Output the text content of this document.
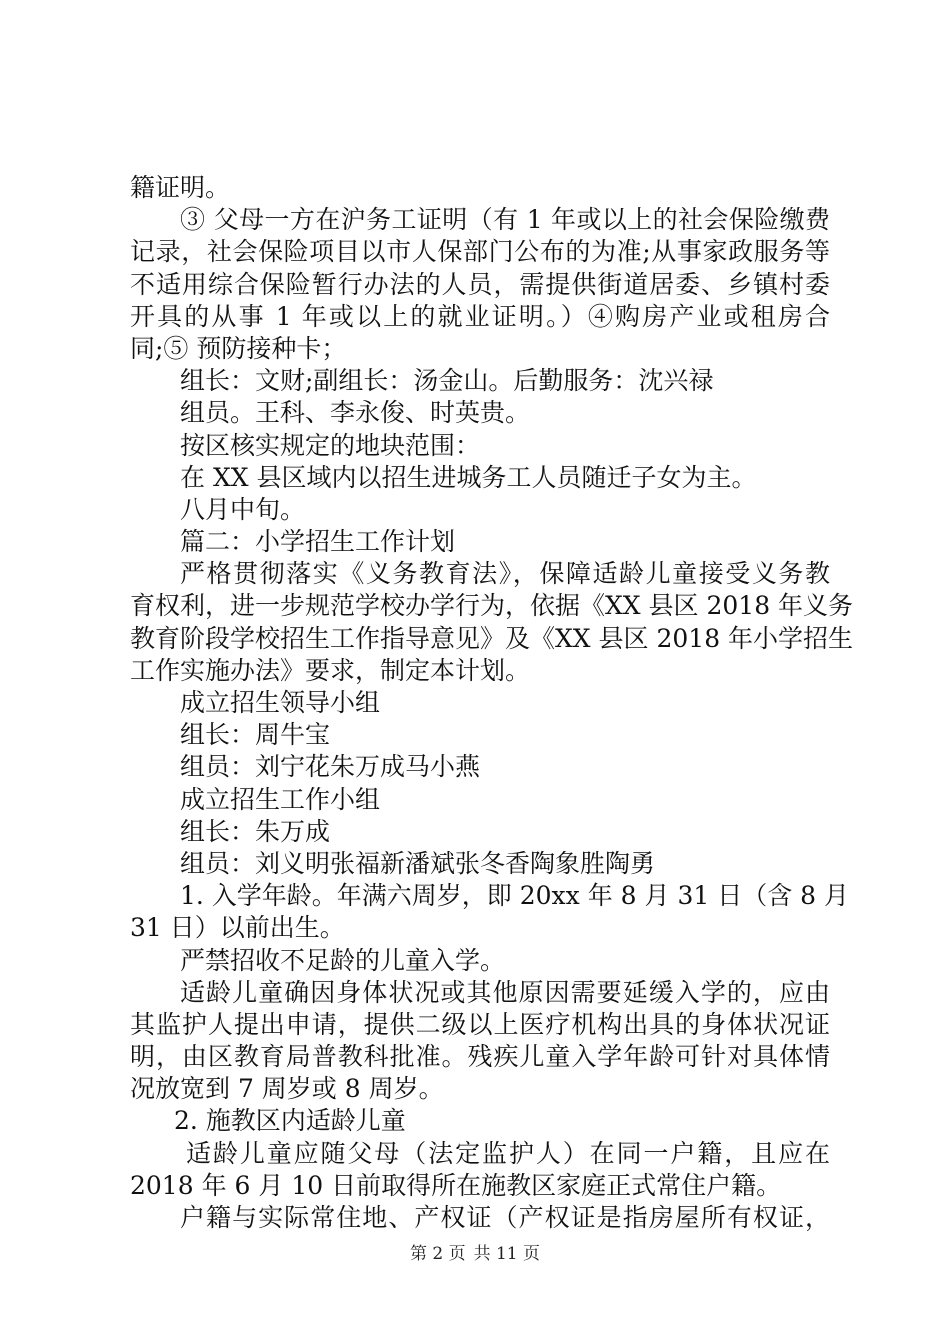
籍证明。
③ 父母一方在沪务工证明（有 1 年或以上的社会保险缴费
记录，社会保险项目以市人保部门公布的为准;从事家政服务等
不适用综合保险暂行办法的人员，需提供街道居委、乡镇村委
开具的从事 1 年或以上的就业证明。）④购房产业或租房合
同;⑤ 预防接种卡；
组长：文财;副组长：汤金山。后勤服务：沈兴禄
组员。王科、李永俊、时英贵。
按区核实规定的地块范围：
在 XX 县区域内以招生进城务工人员随迁子女为主。
八月中旬。
篇二：小学招生工作计划
严格贯彻落实《义务教育法》，保障适龄儿童接受义务教
育权利，进一步规范学校办学行为，依据《XX 县区 2018 年义务
教育阶段学校招生工作指导意见》及《XX 县区 2018 年小学招生
工作实施办法》要求，制定本计划。
成立招生领导小组
组长：周牛宝
组员：刘宁花朱万成马小燕
成立招生工作小组
组长：朱万成
组员：刘义明张福新潘斌张冬香陶象胜陶勇
1. 入学年龄。年满六周岁，即 20xx 年 8 月 31 日（含 8 月
31 日）以前出生。
严禁招收不足龄的儿童入学。
适龄儿童确因身体状况或其他原因需要延缓入学的，应由
其监护人提出申请，提供二级以上医疗机构出具的身体状况证
明，由区教育局普教科批准。残疾儿童入学年龄可针对具体情
况放宽到 7 周岁或 8 周岁。
2. 施教区内适龄儿童
适龄儿童应随父母（法定监护人）在同一户籍，且应在
2018 年 6 月 10 日前取得所在施教区家庭正式常住户籍。
户籍与实际常住地、产权证（产权证是指房屋所有权证，
第 2 页 共 11 页
